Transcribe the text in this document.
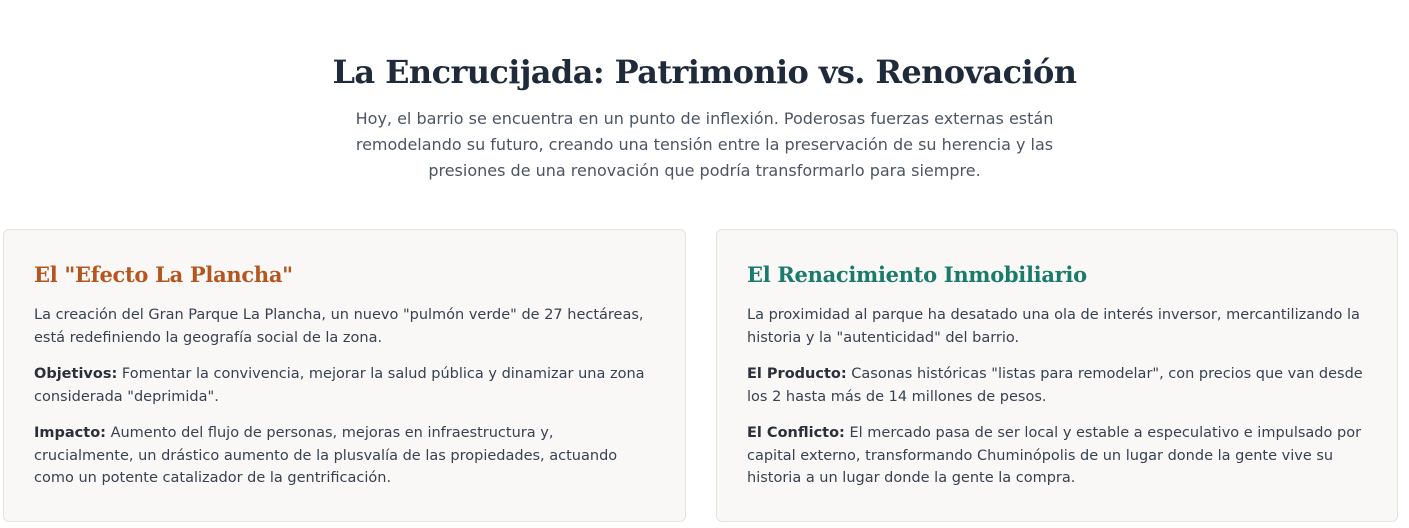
La Encrucijada: Patrimonio vs. Renovación

Hoy, el barrio se encuentra en un punto de inflexión. Poderosas fuerzas externas están remodelando su futuro, creando una tensión entre la preservación de su herencia y las presiones de una renovación que podría transformarlo para siempre.

El "Efecto La Plancha"

La creación del Gran Parque La Plancha, un nuevo "pulmón verde" de 27 hectáreas, está redefiniendo la geografía social de la zona.

Objetivos: Fomentar la convivencia, mejorar la salud pública y dinamizar una zona considerada "deprimida".

Impacto: Aumento del flujo de personas, mejoras en infraestructura y, crucialmente, un drástico aumento de la plusvalía de las propiedades, actuando como un potente catalizador de la gentrificación.

El Renacimiento Inmobiliario

La proximidad al parque ha desatado una ola de interés inversor, mercantilizando la historia y la "autenticidad" del barrio.

El Producto: Casonas históricas "listas para remodelar", con precios que van desde los 2 hasta más de 14 millones de pesos.

El Conflicto: El mercado pasa de ser local y estable a especulativo e impulsado por capital externo, transformando Chuminópolis de un lugar donde la gente vive su historia a un lugar donde la gente la compra.
